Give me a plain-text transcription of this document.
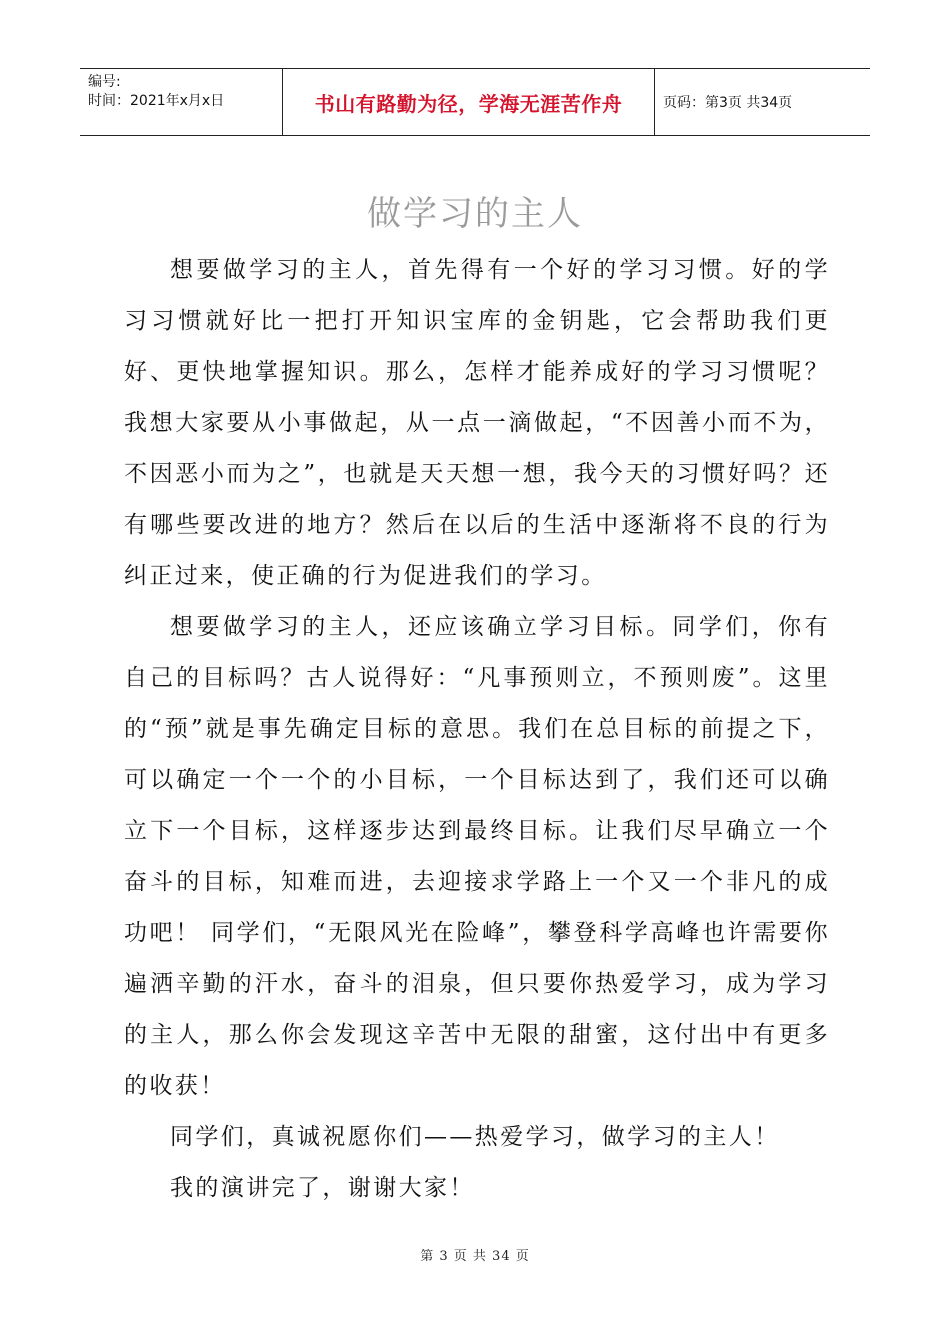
编号:
时间：2021年x月x日	书山有路勤为径，学海无涯苦作舟	页码：第3页 共34页
做学习的主人

想要做学习的主人，首先得有一个好的学习习惯。好的学习习惯就好比一把打开知识宝库的金钥匙，它会帮助我们更好、更快地掌握知识。那么，怎样才能养成好的学习习惯呢？我想大家要从小事做起，从一点一滴做起，“不因善小而不为，不因恶小而为之”，也就是天天想一想，我今天的习惯好吗？还有哪些要改进的地方？然后在以后的生活中逐渐将不良的行为纠正过来，使正确的行为促进我们的学习。

想要做学习的主人，还应该确立学习目标。同学们，你有自己的目标吗？古人说得好：“凡事预则立，不预则废”。这里的“预”就是事先确定目标的意思。我们在总目标的前提之下，可以确定一个一个的小目标，一个目标达到了，我们还可以确立下一个目标，这样逐步达到最终目标。让我们尽早确立一个奋斗的目标，知难而进，去迎接求学路上一个又一个非凡的成功吧！ 同学们，“无限风光在险峰”，攀登科学高峰也许需要你遍洒辛勤的汗水，奋斗的泪泉，但只要你热爱学习，成为学习的主人，那么你会发现这辛苦中无限的甜蜜，这付出中有更多的收获！

同学们，真诚祝愿你们——热爱学习，做学习的主人！

我的演讲完了，谢谢大家！

第 3 页 共 34 页
